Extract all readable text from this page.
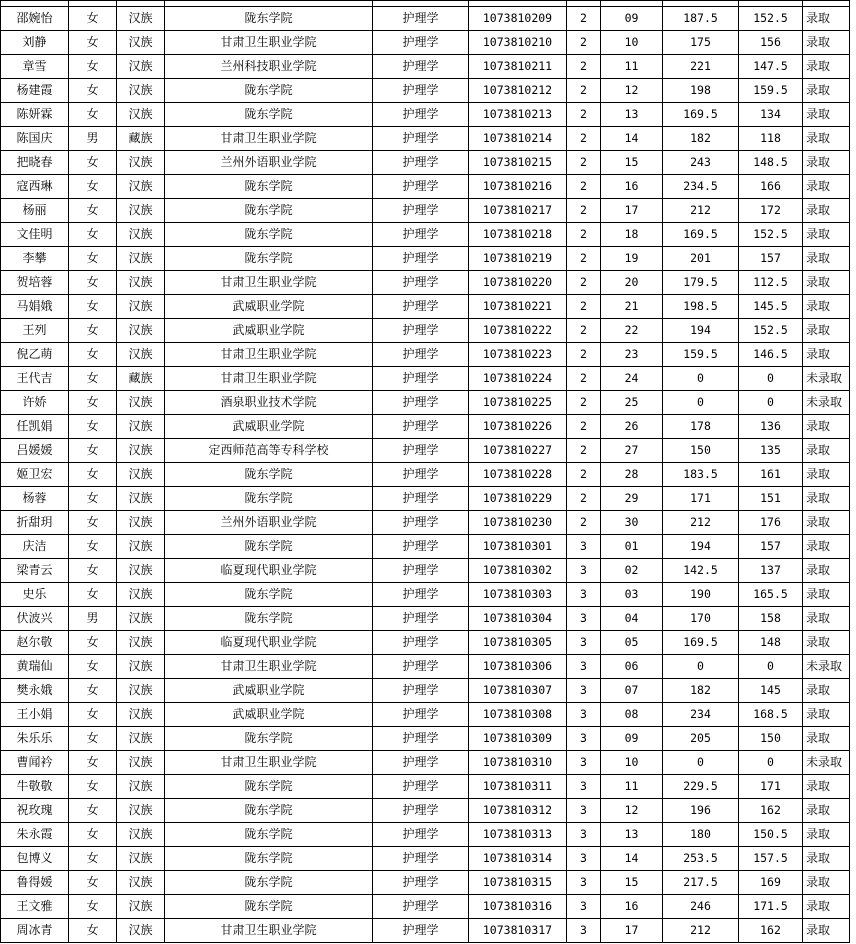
邵婉怡	女	汉族	陇东学院	护理学	1073810209	2	09	187.5	152.5	录取
刘静	女	汉族	甘肃卫生职业学院	护理学	1073810210	2	10	175	156	录取
章雪	女	汉族	兰州科技职业学院	护理学	1073810211	2	11	221	147.5	录取
杨建霞	女	汉族	陇东学院	护理学	1073810212	2	12	198	159.5	录取
陈妍霖	女	汉族	陇东学院	护理学	1073810213	2	13	169.5	134	录取
陈国庆	男	藏族	甘肃卫生职业学院	护理学	1073810214	2	14	182	118	录取
把晓春	女	汉族	兰州外语职业学院	护理学	1073810215	2	15	243	148.5	录取
寇西琳	女	汉族	陇东学院	护理学	1073810216	2	16	234.5	166	录取
杨丽	女	汉族	陇东学院	护理学	1073810217	2	17	212	172	录取
文佳明	女	汉族	陇东学院	护理学	1073810218	2	18	169.5	152.5	录取
李攀	女	汉族	陇东学院	护理学	1073810219	2	19	201	157	录取
贺培蓉	女	汉族	甘肃卫生职业学院	护理学	1073810220	2	20	179.5	112.5	录取
马娟娥	女	汉族	武威职业学院	护理学	1073810221	2	21	198.5	145.5	录取
王列	女	汉族	武威职业学院	护理学	1073810222	2	22	194	152.5	录取
倪乙萌	女	汉族	甘肃卫生职业学院	护理学	1073810223	2	23	159.5	146.5	录取
王代吉	女	藏族	甘肃卫生职业学院	护理学	1073810224	2	24	0	0	未录取
许娇	女	汉族	酒泉职业技术学院	护理学	1073810225	2	25	0	0	未录取
任凯娟	女	汉族	武威职业学院	护理学	1073810226	2	26	178	136	录取
吕媛媛	女	汉族	定西师范高等专科学校	护理学	1073810227	2	27	150	135	录取
姬卫宏	女	汉族	陇东学院	护理学	1073810228	2	28	183.5	161	录取
杨蓉	女	汉族	陇东学院	护理学	1073810229	2	29	171	151	录取
折甜玥	女	汉族	兰州外语职业学院	护理学	1073810230	2	30	212	176	录取
庆洁	女	汉族	陇东学院	护理学	1073810301	3	01	194	157	录取
梁青云	女	汉族	临夏现代职业学院	护理学	1073810302	3	02	142.5	137	录取
史乐	女	汉族	陇东学院	护理学	1073810303	3	03	190	165.5	录取
伏波兴	男	汉族	陇东学院	护理学	1073810304	3	04	170	158	录取
赵尔敬	女	汉族	临夏现代职业学院	护理学	1073810305	3	05	169.5	148	录取
黄瑞仙	女	汉族	甘肃卫生职业学院	护理学	1073810306	3	06	0	0	未录取
樊永娥	女	汉族	武威职业学院	护理学	1073810307	3	07	182	145	录取
王小娟	女	汉族	武威职业学院	护理学	1073810308	3	08	234	168.5	录取
朱乐乐	女	汉族	陇东学院	护理学	1073810309	3	09	205	150	录取
曹闻衿	女	汉族	甘肃卫生职业学院	护理学	1073810310	3	10	0	0	未录取
牛敬敬	女	汉族	陇东学院	护理学	1073810311	3	11	229.5	171	录取
祝玫瑰	女	汉族	陇东学院	护理学	1073810312	3	12	196	162	录取
朱永霞	女	汉族	陇东学院	护理学	1073810313	3	13	180	150.5	录取
包博义	女	汉族	陇东学院	护理学	1073810314	3	14	253.5	157.5	录取
鲁得媛	女	汉族	陇东学院	护理学	1073810315	3	15	217.5	169	录取
王文雅	女	汉族	陇东学院	护理学	1073810316	3	16	246	171.5	录取
周冰青	女	汉族	甘肃卫生职业学院	护理学	1073810317	3	17	212	162	录取
